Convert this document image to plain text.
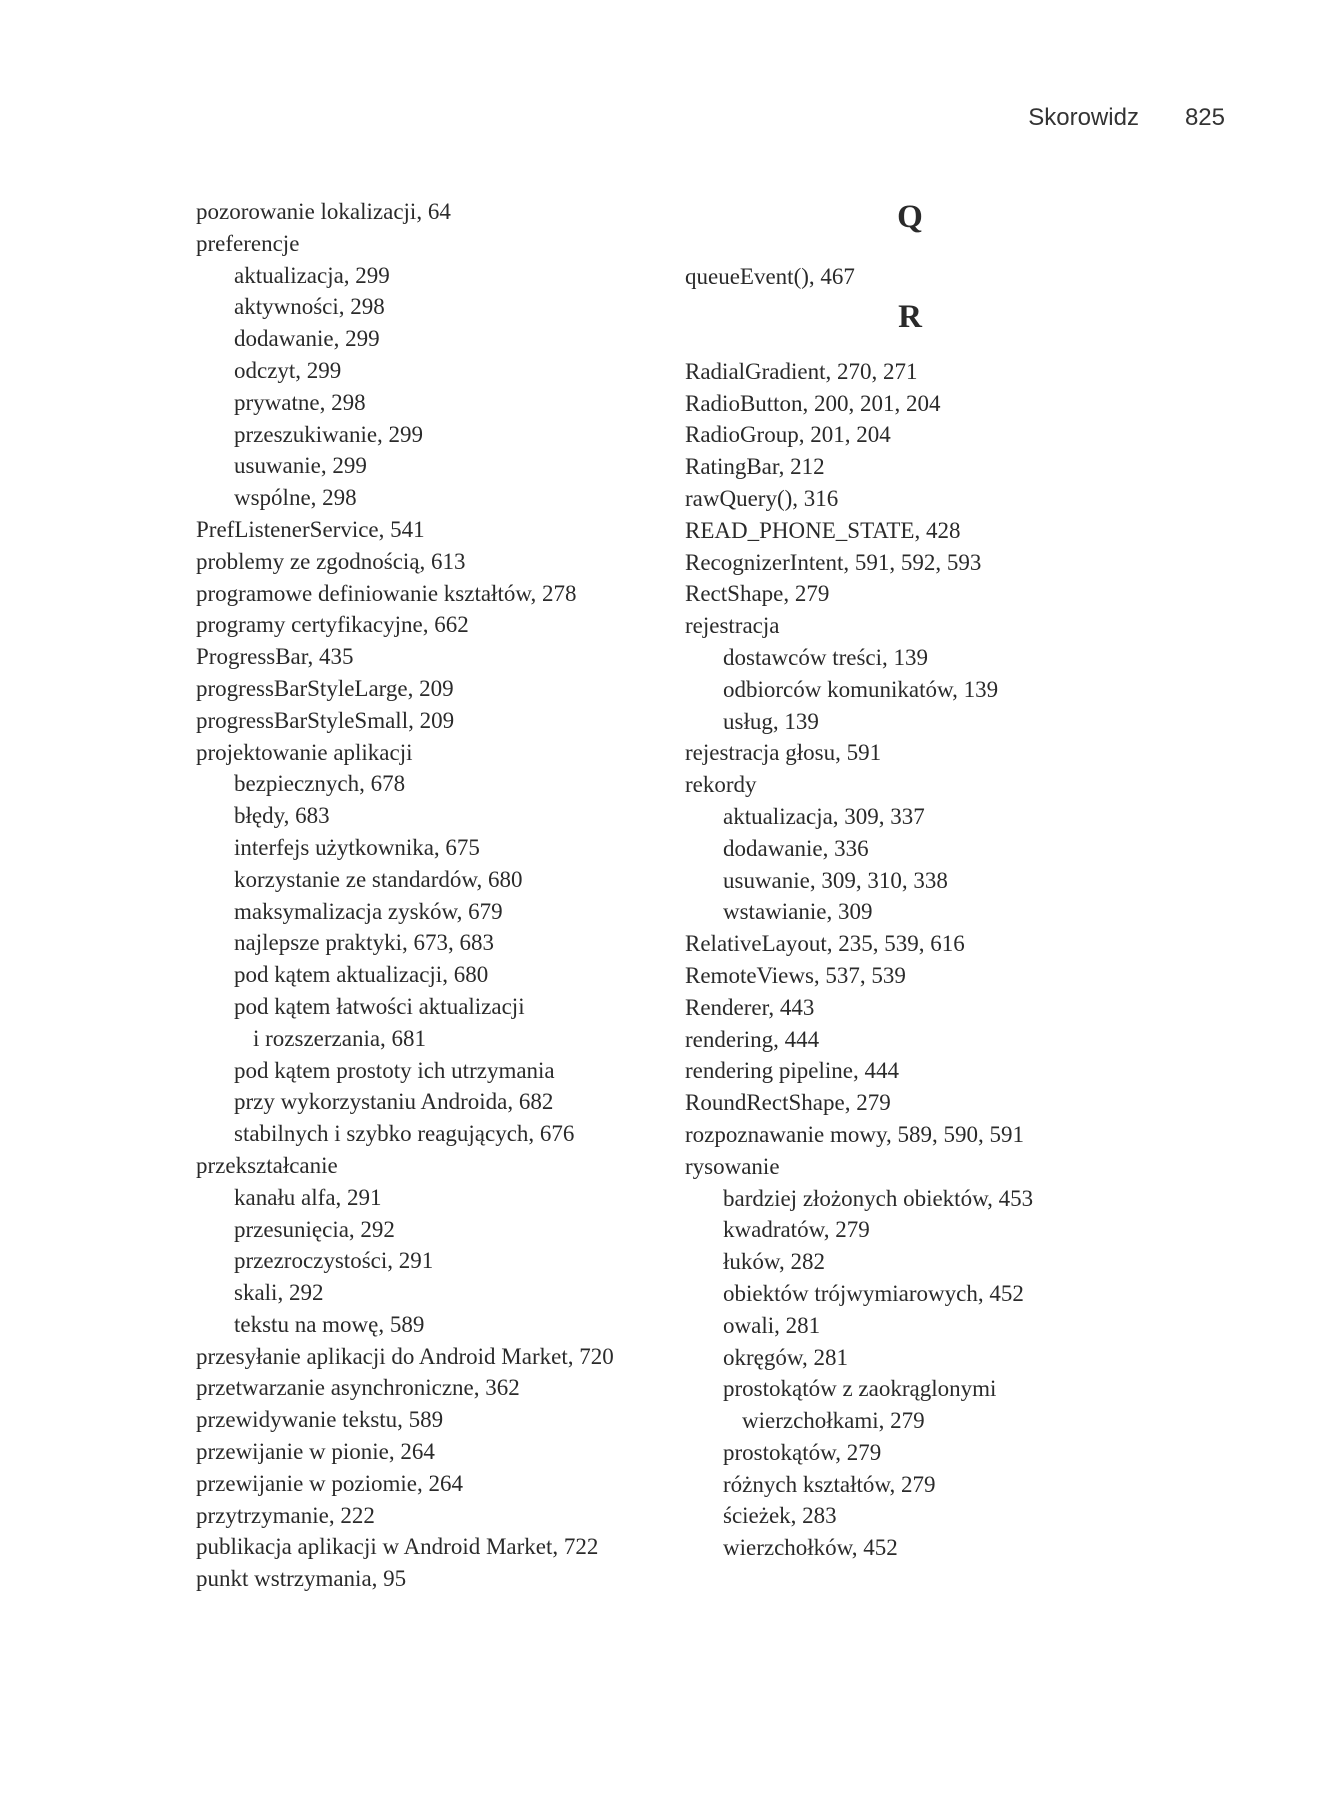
Skorowidz 825
pozorowanie lokalizacji, 64
preferencje
aktualizacja, 299
aktywności, 298
dodawanie, 299
odczyt, 299
prywatne, 298
przeszukiwanie, 299
usuwanie, 299
wspólne, 298
PrefListenerService, 541
problemy ze zgodnością, 613
programowe definiowanie kształtów, 278
programy certyfikacyjne, 662
ProgressBar, 435
progressBarStyleLarge, 209
progressBarStyleSmall, 209
projektowanie aplikacji
bezpiecznych, 678
błędy, 683
interfejs użytkownika, 675
korzystanie ze standardów, 680
maksymalizacja zysków, 679
najlepsze praktyki, 673, 683
pod kątem aktualizacji, 680
pod kątem łatwości aktualizacji
i rozszerzania, 681
pod kątem prostoty ich utrzymania
przy wykorzystaniu Androida, 682
stabilnych i szybko reagujących, 676
przekształcanie
kanału alfa, 291
przesunięcia, 292
przezroczystości, 291
skali, 292
tekstu na mowę, 589
przesyłanie aplikacji do Android Market, 720
przetwarzanie asynchroniczne, 362
przewidywanie tekstu, 589
przewijanie w pionie, 264
przewijanie w poziomie, 264
przytrzymanie, 222
publikacja aplikacji w Android Market, 722
punkt wstrzymania, 95
Q
queueEvent(), 467
R
RadialGradient, 270, 271
RadioButton, 200, 201, 204
RadioGroup, 201, 204
RatingBar, 212
rawQuery(), 316
READ_PHONE_STATE, 428
RecognizerIntent, 591, 592, 593
RectShape, 279
rejestracja
dostawców treści, 139
odbiorców komunikatów, 139
usług, 139
rejestracja głosu, 591
rekordy
aktualizacja, 309, 337
dodawanie, 336
usuwanie, 309, 310, 338
wstawianie, 309
RelativeLayout, 235, 539, 616
RemoteViews, 537, 539
Renderer, 443
rendering, 444
rendering pipeline, 444
RoundRectShape, 279
rozpoznawanie mowy, 589, 590, 591
rysowanie
bardziej złożonych obiektów, 453
kwadratów, 279
łuków, 282
obiektów trójwymiarowych, 452
owali, 281
okręgów, 281
prostokątów z zaokrąglonymi
wierzchołkami, 279
prostokątów, 279
różnych kształtów, 279
ścieżek, 283
wierzchołków, 452
